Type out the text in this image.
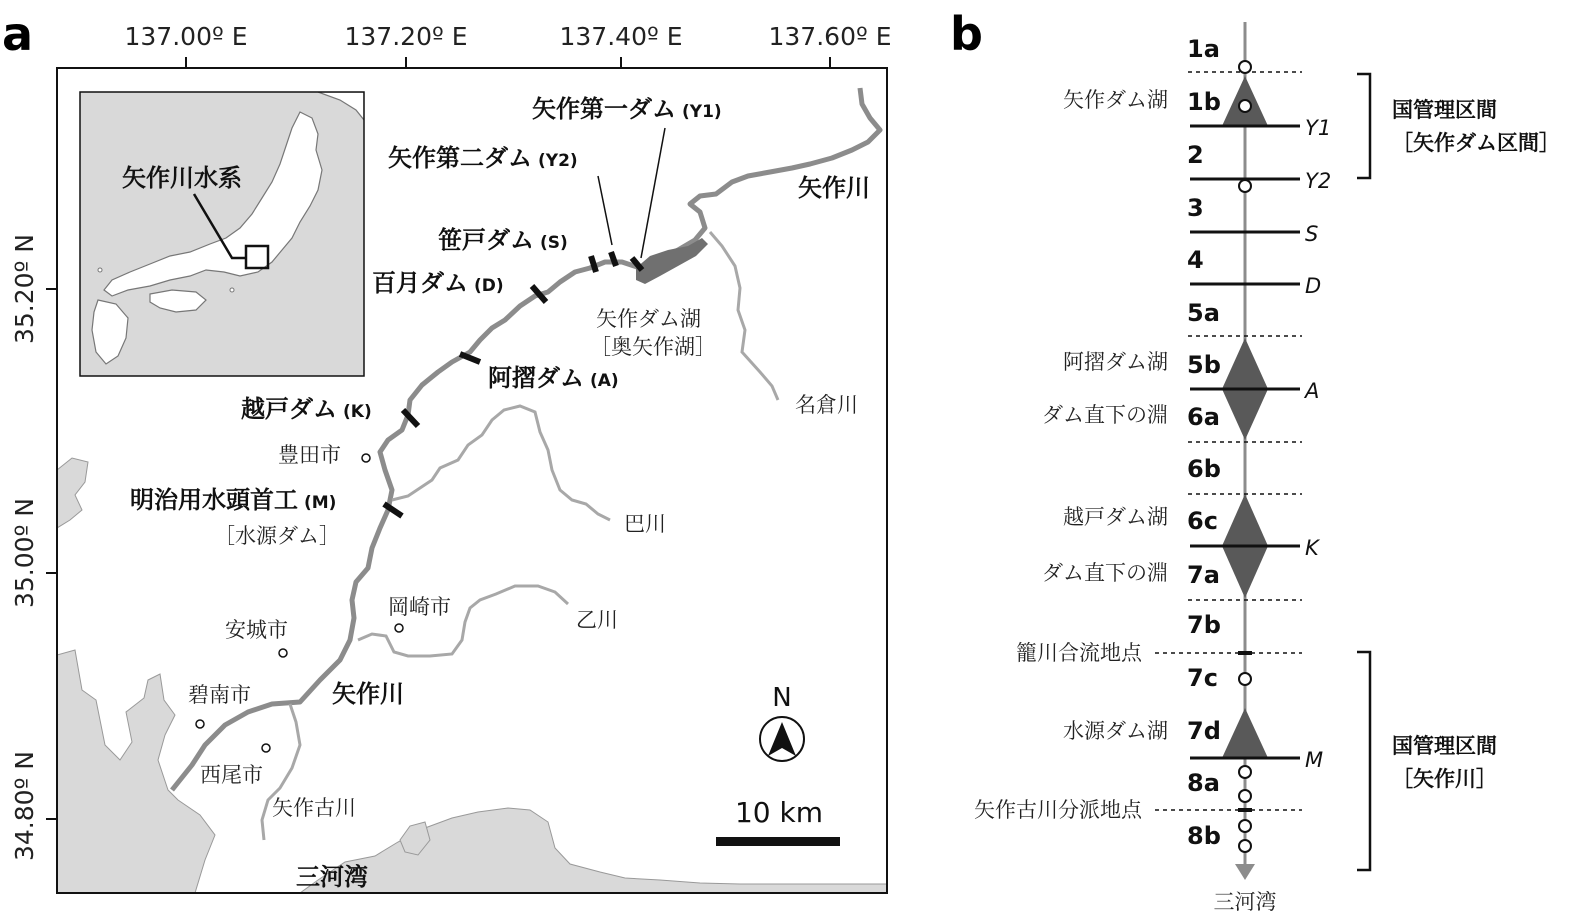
a	137.00º E	137.20º E	137.40º E	137.60º E
35.20º N
35.00º N
34.80º N
矢作川水系
矢作第一ダム (Y1)
矢作第二ダム (Y2)
笹戸ダム (S)
百月ダム (D)
阿摺ダム (A)
越戸ダム (K)
明治用水頭首工 (M)
［水源ダム］
矢作ダム湖
［奥矢作湖］
矢作川
矢作川
名倉川
巴川
乙川
矢作古川
豊田市
岡崎市
安城市
碧南市
西尾市
三河湾
N
10 km
b	1a
1b
2
3
4
5a
5b
6a
6b
6c
7a
7b
7c
7d
8a
8b
Y1
Y2
S
D
A
K
M
矢作ダム湖
阿摺ダム湖
ダム直下の淵
越戸ダム湖
ダム直下の淵
籠川合流地点
水源ダム湖
矢作古川分派地点
国管理区間
［矢作ダム区間］
国管理区間
［矢作川］
三河湾
